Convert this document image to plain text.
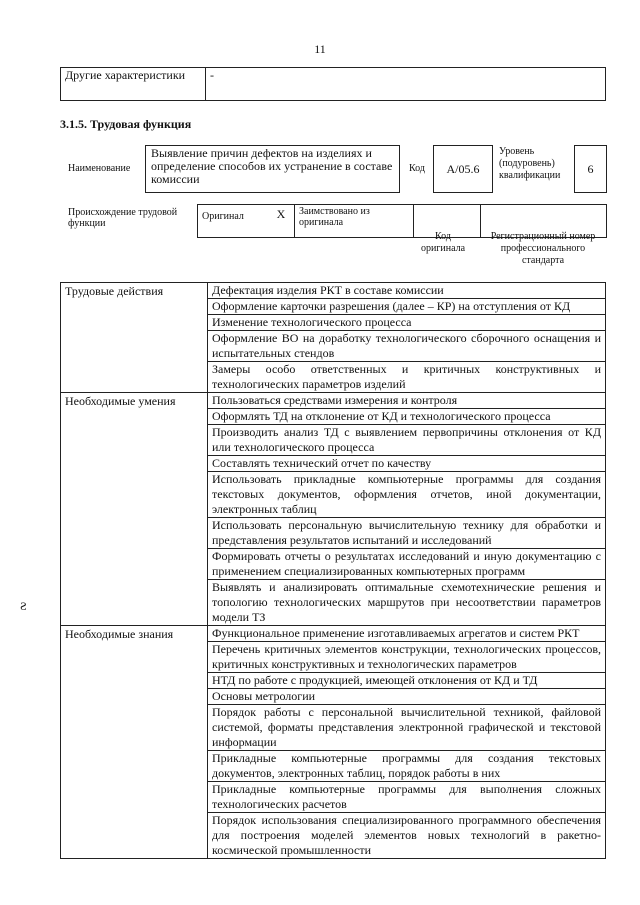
11
Другие характеристики	-
3.1.5. Трудовая функция
Наименование
Выявление причин дефектов на изделиях и определение способов их устранение в составе комиссии
Код	A/05.6
Уровень
(подуровень)
квалификации	6
Происхождение трудовой
функции
Оригинал	X	Заимствовано из оригинала		
Код
оригинала
Регистрационный номер
профессионального
стандарта
Трудовые действия	Дефектация изделия РКТ в составе комиссии
	Оформление карточки разрешения (далее – КР) на отступления от КД
	Изменение технологического процесса
	Оформление ВО на доработку технологического сборочного оснащения и испытательных стендов
	Замеры особо ответственных и критичных конструктивных и технологических параметров изделий
Необходимые умения	Пользоваться средствами измерения и контроля
	Оформлять ТД на отклонение от КД и технологического процесса
	Производить анализ ТД с выявлением первопричины отклонения от КД или технологического процесса
	Составлять технический отчет по качеству
	Использовать прикладные компьютерные программы для создания текстовых документов, оформления отчетов, иной документации, электронных таблиц
	Использовать персональную вычислительную технику для обработки и представления результатов испытаний и исследований
	Формировать отчеты о результатах исследований и иную документацию с применением специализированных компьютерных программ
	Выявлять и анализировать оптимальные схемотехнические решения и топологию технологических маршрутов при несоответствии параметров модели ТЗ
Необходимые знания	Функциональное применение изготавливаемых агрегатов и систем РКТ
	Перечень критичных элементов конструкции, технологических процессов, критичных конструктивных и технологических параметров
	НТД по работе с продукцией, имеющей отклонения от КД и ТД
	Основы метрологии
	Порядок работы с персональной вычислительной техникой, файловой системой, форматы представления электронной графической и текстовой информации
	Прикладные компьютерные программы для создания текстовых документов, электронных таблиц, порядок работы в них
	Прикладные компьютерные программы для выполнения сложных технологических расчетов
	Порядок использования специализированного программного обеспечения для построения моделей элементов новых технологий в ракетно-космической промышленности
Ƨ
